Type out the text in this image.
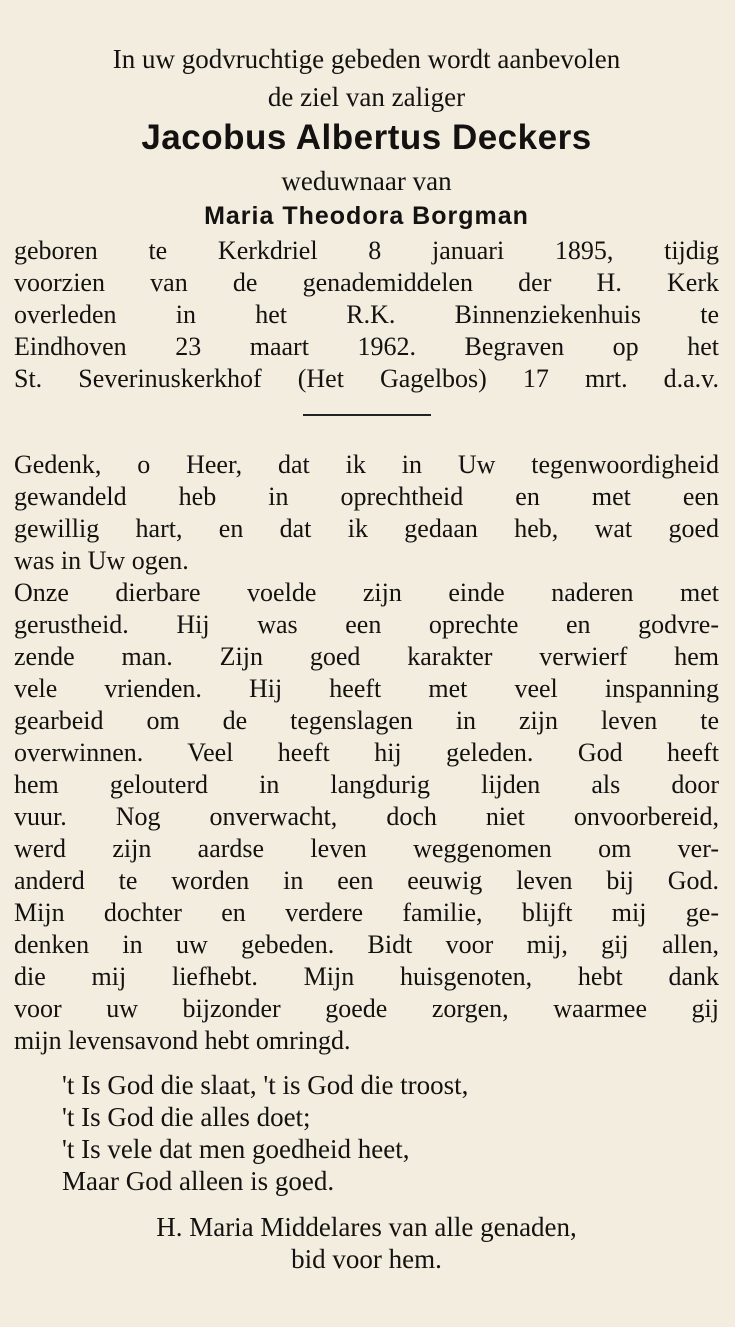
In uw godvruchtige gebeden wordt aanbevolen
de ziel van zaliger
Jacobus Albertus Deckers
weduwnaar van
Maria Theodora Borgman
geboren te Kerkdriel 8 januari 1895, tijdig
voorzien van de genademiddelen der H. Kerk
overleden in het R.K. Binnenziekenhuis te
Eindhoven 23 maart 1962. Begraven op het
St. Severinuskerkhof (Het Gagelbos) 17 mrt. d.a.v.
Gedenk, o Heer, dat ik in Uw tegenwoordigheid
gewandeld heb in oprechtheid en met een
gewillig hart, en dat ik gedaan heb, wat goed
was in Uw ogen.
Onze dierbare voelde zijn einde naderen met
gerustheid. Hij was een oprechte en godvre-
zende man. Zijn goed karakter verwierf hem
vele vrienden. Hij heeft met veel inspanning
gearbeid om de tegenslagen in zijn leven te
overwinnen. Veel heeft hij geleden. God heeft
hem gelouterd in langdurig lijden als door
vuur. Nog onverwacht, doch niet onvoorbereid,
werd zijn aardse leven weggenomen om ver-
anderd te worden in een eeuwig leven bij God.
Mijn dochter en verdere familie, blijft mij ge-
denken in uw gebeden. Bidt voor mij, gij allen,
die mij liefhebt. Mijn huisgenoten, hebt dank
voor uw bijzonder goede zorgen, waarmee gij
mijn levensavond hebt omringd.
't Is God die slaat, 't is God die troost,
't Is God die alles doet;
't Is vele dat men goedheid heet,
Maar God alleen is goed.
H. Maria Middelares van alle genaden,
bid voor hem.
